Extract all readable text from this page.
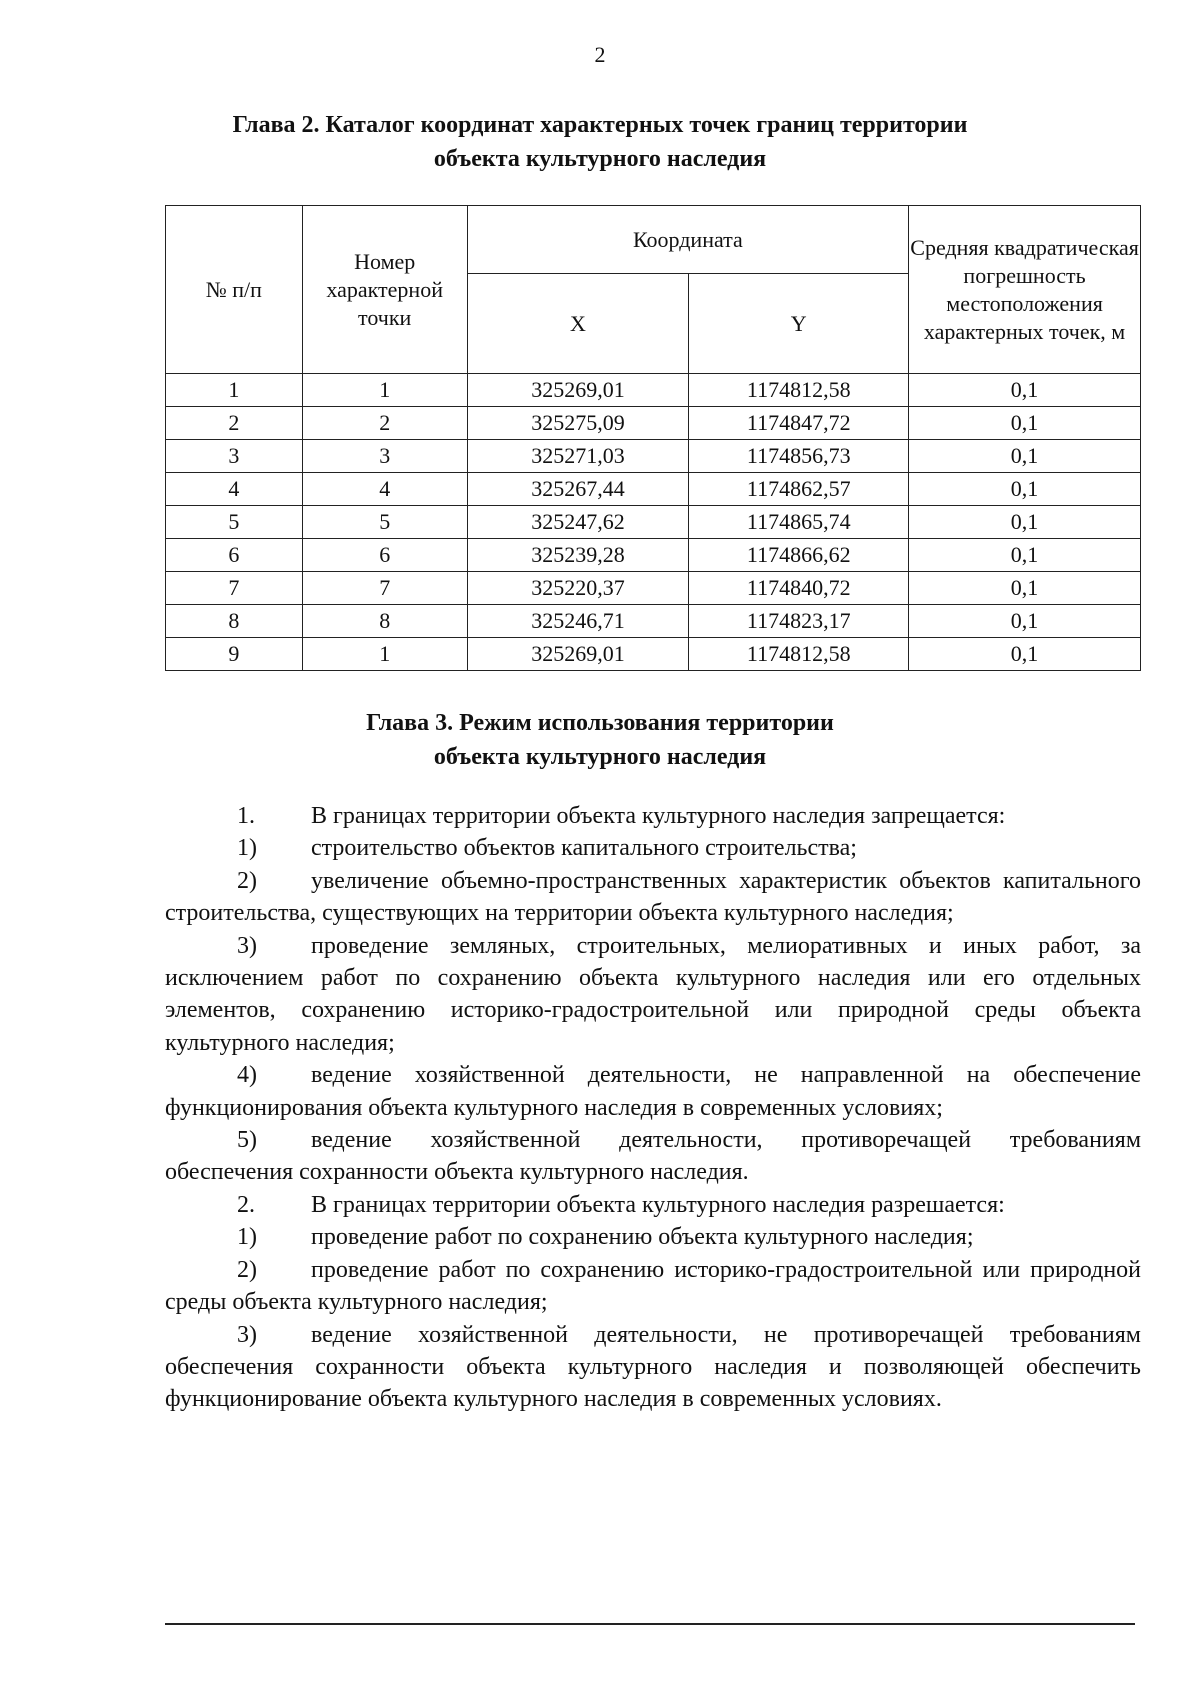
2
Глава 2. Каталог координат характерных точек границ территории
объекта культурного наследия
№ п/п	Номер характерной точки	Координата		Средняя квадратическая погрешность местоположения характерных точек, м
		X	Y	
1	1	325269,01	1174812,58	0,1
2	2	325275,09	1174847,72	0,1
3	3	325271,03	1174856,73	0,1
4	4	325267,44	1174862,57	0,1
5	5	325247,62	1174865,74	0,1
6	6	325239,28	1174866,62	0,1
7	7	325220,37	1174840,72	0,1
8	8	325246,71	1174823,17	0,1
9	1	325269,01	1174812,58	0,1
Глава 3. Режим использования территории
объекта культурного наследия

1. В границах территории объекта культурного наследия запрещается:

1) строительство объектов капитального строительства;

2) увеличение объемно-пространственных характеристик объектов капитального строительства, существующих на территории объекта культурного наследия;

3) проведение земляных, строительных, мелиоративных и иных работ, за исключением работ по сохранению объекта культурного наследия или его отдельных элементов, сохранению историко-градостроительной или природной среды объекта культурного наследия;

4) ведение хозяйственной деятельности, не направленной на обеспечение функционирования объекта культурного наследия в современных условиях;

5) ведение хозяйственной деятельности, противоречащей требованиям обеспечения сохранности объекта культурного наследия.

2. В границах территории объекта культурного наследия разрешается:

1) проведение работ по сохранению объекта культурного наследия;

2) проведение работ по сохранению историко-градостроительной или природной среды объекта культурного наследия;

3) ведение хозяйственной деятельности, не противоречащей требованиям обеспечения сохранности объекта культурного наследия и позволяющей обеспечить функционирование объекта культурного наследия в современных условиях.
